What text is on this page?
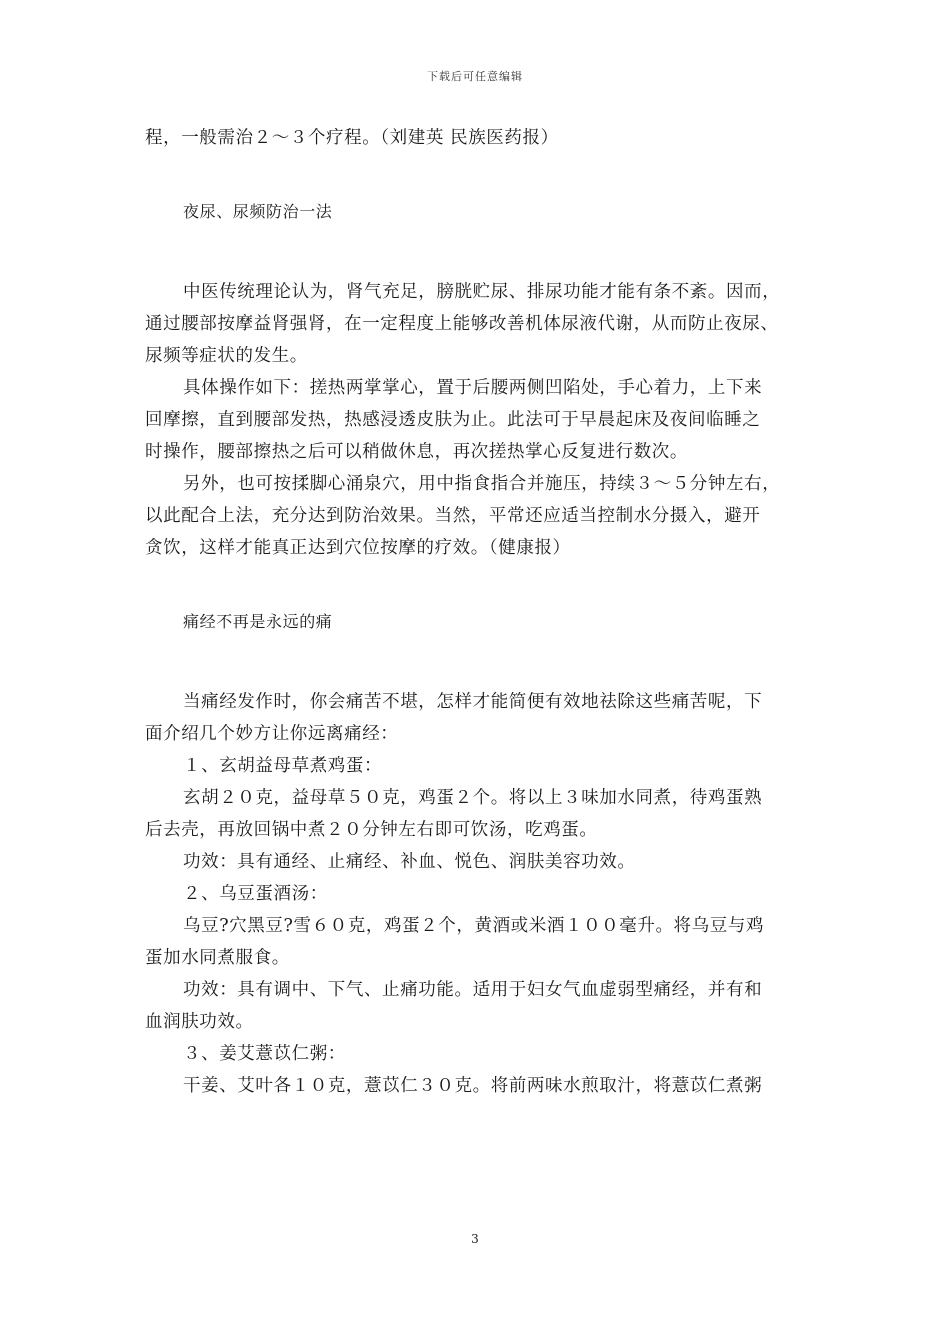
下载后可任意编辑
程，一般需治２～３个疗程。（刘建英 民族医药报）
夜尿、尿频防治一法
中医传统理论认为，肾气充足，膀胱贮尿、排尿功能才能有条不紊。因而，
通过腰部按摩益肾强肾，在一定程度上能够改善机体尿液代谢，从而防止夜尿、
尿频等症状的发生。
具体操作如下：搓热两掌掌心，置于后腰两侧凹陷处，手心着力，上下来
回摩擦，直到腰部发热，热感浸透皮肤为止。此法可于早晨起床及夜间临睡之
时操作，腰部擦热之后可以稍做休息，再次搓热掌心反复进行数次。
另外，也可按揉脚心涌泉穴，用中指食指合并施压，持续３～５分钟左右，
以此配合上法，充分达到防治效果。当然，平常还应适当控制水分摄入，避开
贪饮，这样才能真正达到穴位按摩的疗效。（健康报）
痛经不再是永远的痛
当痛经发作时，你会痛苦不堪，怎样才能简便有效地祛除这些痛苦呢，下
面介绍几个妙方让你远离痛经：
１、玄胡益母草煮鸡蛋：
玄胡２０克，益母草５０克，鸡蛋２个。将以上３味加水同煮，待鸡蛋熟
后去壳，再放回锅中煮２０分钟左右即可饮汤，吃鸡蛋。
功效：具有通经、止痛经、补血、悦色、润肤美容功效。
２、乌豆蛋酒汤：
乌豆?穴黑豆?雪６０克，鸡蛋２个，黄酒或米酒１００毫升。将乌豆与鸡
蛋加水同煮服食。
功效：具有调中、下气、止痛功能。适用于妇女气血虚弱型痛经，并有和
血润肤功效。
３、姜艾薏苡仁粥：
干姜、艾叶各１０克，薏苡仁３０克。将前两味水煎取汁，将薏苡仁煮粥
3
